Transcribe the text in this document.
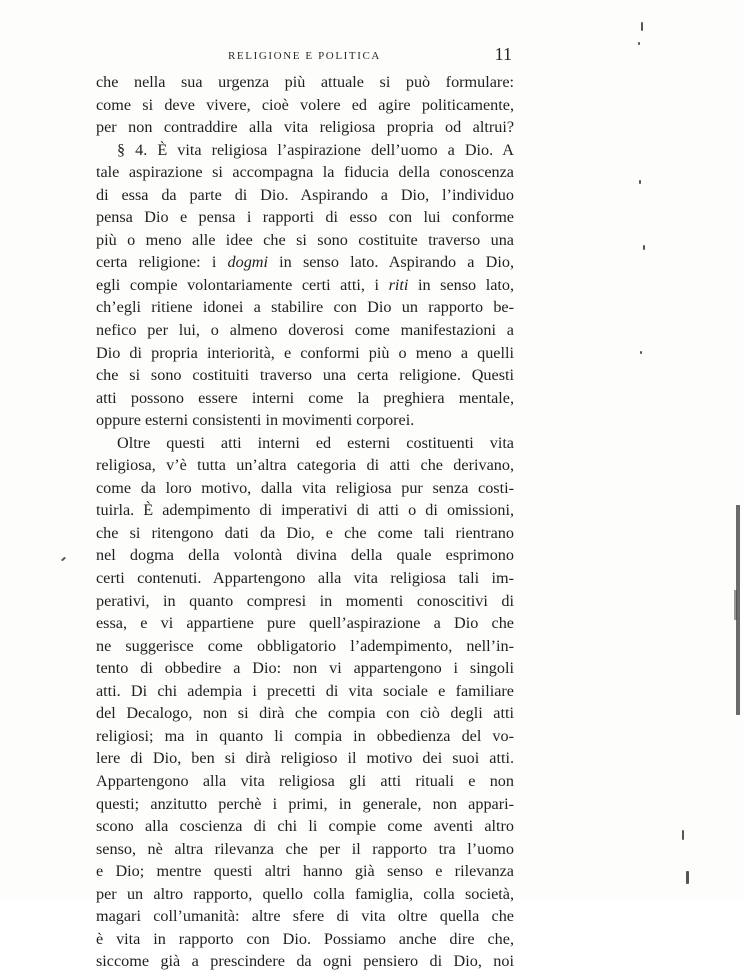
RELIGIONE E POLITICA	11
che nella sua urgenza più attuale si può formulare:
come si deve vivere, cioè volere ed agire politicamente,
per non contraddire alla vita religiosa propria od altrui?
§ 4. È vita religiosa l’aspirazione dell’uomo a Dio. A
tale aspirazione si accompagna la fiducia della conoscenza
di essa da parte di Dio. Aspirando a Dio, l’individuo
pensa Dio e pensa i rapporti di esso con lui conforme
più o meno alle idee che si sono costituite traverso una
certa religione: i dogmi in senso lato. Aspirando a Dio,
egli compie volontariamente certi atti, i riti in senso lato,
ch’egli ritiene idonei a stabilire con Dio un rapporto be-
nefico per lui, o almeno doverosi come manifestazioni a
Dio di propria interiorità, e conformi più o meno a quelli
che si sono costituiti traverso una certa religione. Questi
atti possono essere interni come la preghiera mentale,
oppure esterni consistenti in movimenti corporei.
Oltre questi atti interni ed esterni costituenti vita
religiosa, v’è tutta un’altra categoria di atti che derivano,
come da loro motivo, dalla vita religiosa pur senza costi-
tuirla. È adempimento di imperativi di atti o di omissioni,
che si ritengono dati da Dio, e che come tali rientrano
nel dogma della volontà divina della quale esprimono
certi contenuti. Appartengono alla vita religiosa tali im-
perativi, in quanto compresi in momenti conoscitivi di
essa, e vi appartiene pure quell’aspirazione a Dio che
ne suggerisce come obbligatorio l’adempimento, nell’in-
tento di obbedire a Dio: non vi appartengono i singoli
atti. Di chi adempia i precetti di vita sociale e familiare
del Decalogo, non si dirà che compia con ciò degli atti
religiosi; ma in quanto li compia in obbedienza del vo-
lere di Dio, ben si dirà religioso il motivo dei suoi atti.
Appartengono alla vita religiosa gli atti rituali e non
questi; anzitutto perchè i primi, in generale, non appari-
scono alla coscienza di chi li compie come aventi altro
senso, nè altra rilevanza che per il rapporto tra l’uomo
e Dio; mentre questi altri hanno già senso e rilevanza
per un altro rapporto, quello colla famiglia, colla società,
magari coll’umanità: altre sfere di vita oltre quella che
è vita in rapporto con Dio. Possiamo anche dire che,
siccome già a prescindere da ogni pensiero di Dio, noi
